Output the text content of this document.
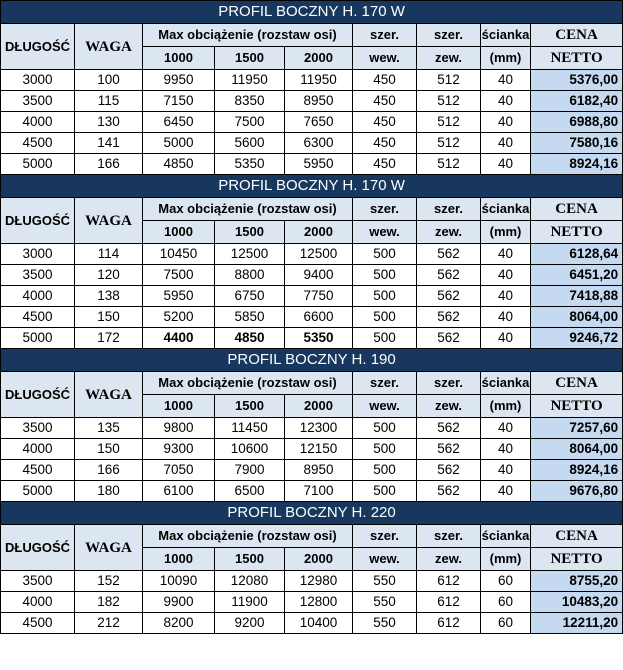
PROFIL BOCZNY H. 170 W								
DŁUGOŚĆ	WAGA	Max obciążenie (rozstaw osi)			szer.	szer.	ścianka	CENA
		1000	1500	2000	wew.	zew.	(mm)	NETTO
3000	100	9950	11950	11950	450	512	40	5376,00
3500	115	7150	8350	8950	450	512	40	6182,40
4000	130	6450	7500	7650	450	512	40	6988,80
4500	141	5000	5600	6300	450	512	40	7580,16
5000	166	4850	5350	5950	450	512	40	8924,16
PROFIL BOCZNY H. 170 W								
DŁUGOŚĆ	WAGA	Max obciążenie (rozstaw osi)			szer.	szer.	ścianka	CENA
		1000	1500	2000	wew.	zew.	(mm)	NETTO
3000	114	10450	12500	12500	500	562	40	6128,64
3500	120	7500	8800	9400	500	562	40	6451,20
4000	138	5950	6750	7750	500	562	40	7418,88
4500	150	5200	5850	6600	500	562	40	8064,00
5000	172	4400	4850	5350	500	562	40	9246,72
PROFIL BOCZNY H. 190								
DŁUGOŚĆ	WAGA	Max obciążenie (rozstaw osi)			szer.	szer.	ścianka	CENA
		1000	1500	2000	wew.	zew.	(mm)	NETTO
3500	135	9800	11450	12300	500	562	40	7257,60
4000	150	9300	10600	12150	500	562	40	8064,00
4500	166	7050	7900	8950	500	562	40	8924,16
5000	180	6100	6500	7100	500	562	40	9676,80
PROFIL BOCZNY H. 220								
DŁUGOŚĆ	WAGA	Max obciążenie (rozstaw osi)			szer.	szer.	ścianka	CENA
		1000	1500	2000	wew.	zew.	(mm)	NETTO
3500	152	10090	12080	12980	550	612	60	8755,20
4000	182	9900	11900	12800	550	612	60	10483,20
4500	212	8200	9200	10400	550	612	60	12211,20
